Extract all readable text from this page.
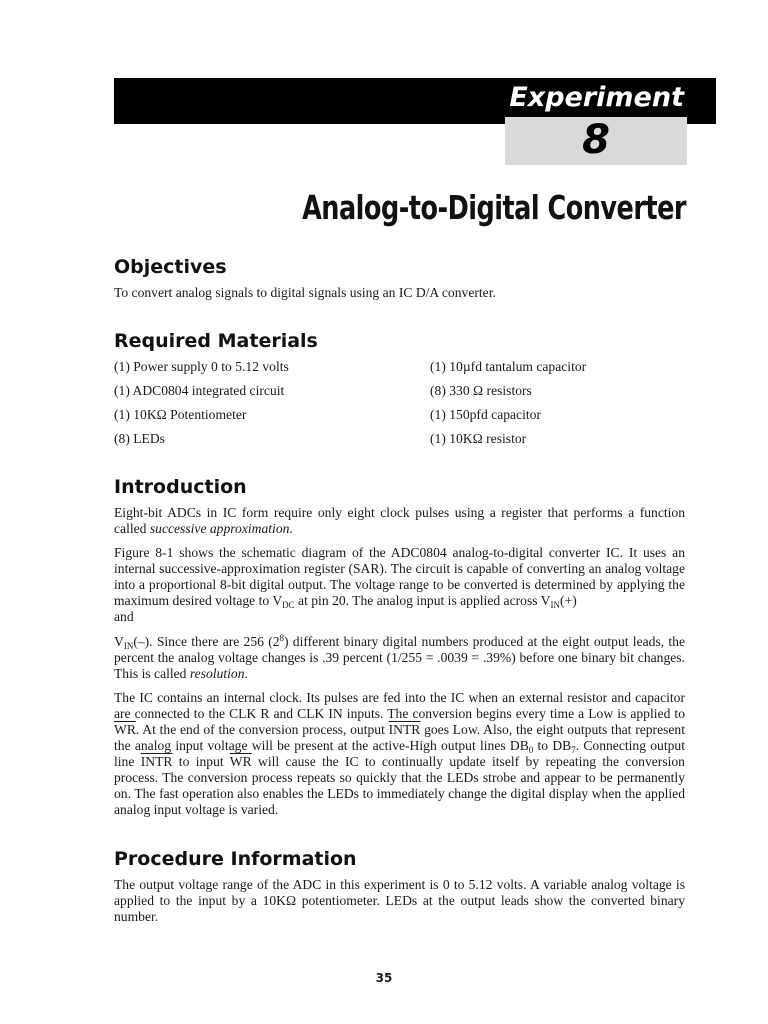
Experiment
8
Analog-to-Digital Converter
Objectives

To convert analog signals to digital signals using an IC D/A converter.

Required Materials
(1) Power supply 0 to 5.12 volts
(1) ADC0804 integrated circuit
(1) 10KΩ Potentiometer
(8) LEDs
(1) 10µfd tantalum capacitor
(8) 330 Ω resistors
(1) 150pfd capacitor
(1) 10KΩ resistor
Introduction

Eight-bit ADCs in IC form require only eight clock pulses using a register that performs a function called successive approximation.

Figure 8-1 shows the schematic diagram of the ADC0804 analog-to-digital converter IC. It uses an internal successive-approximation register (SAR). The circuit is capable of converting an analog voltage into a proportional 8-bit digital output. The voltage range to be converted is determined by applying the maximum desired voltage to $V_{DC}$ at pin 20. The analog input is applied across $V_{IN}(+)$
and

$V_{IN}(-)$. Since there are 256 $(2^8)$ different binary digital numbers produced at the eight output leads, the percent the analog voltage changes is .39 percent (1/255 = .0039 = .39%) before one binary bit changes. This is called resolution.

The IC contains an internal clock. Its pulses are fed into the IC when an external resistor and capacitor are connected to the CLK R and CLK IN inputs. The conversion begins every time a Low is applied to $\overline{WR}$. At the end of the conversion process, output INTR goes Low. Also, the eight outputs that represent the analog input voltage will be present at the active-High output lines $DB_0$ to $DB_7$. Connecting output line INTR to input $\overline{WR}$ will cause the IC to continually update itself by repeating the conversion process. The conversion process repeats so quickly that the LEDs strobe and appear to be permanently on. The fast operation also enables the LEDs to immediately change the digital display when the applied analog input voltage is varied.

Procedure Information

The output voltage range of the ADC in this experiment is 0 to 5.12 volts. A variable analog voltage is applied to the input by a 10KΩ potentiometer. LEDs at the output leads show the converted binary number.

35
